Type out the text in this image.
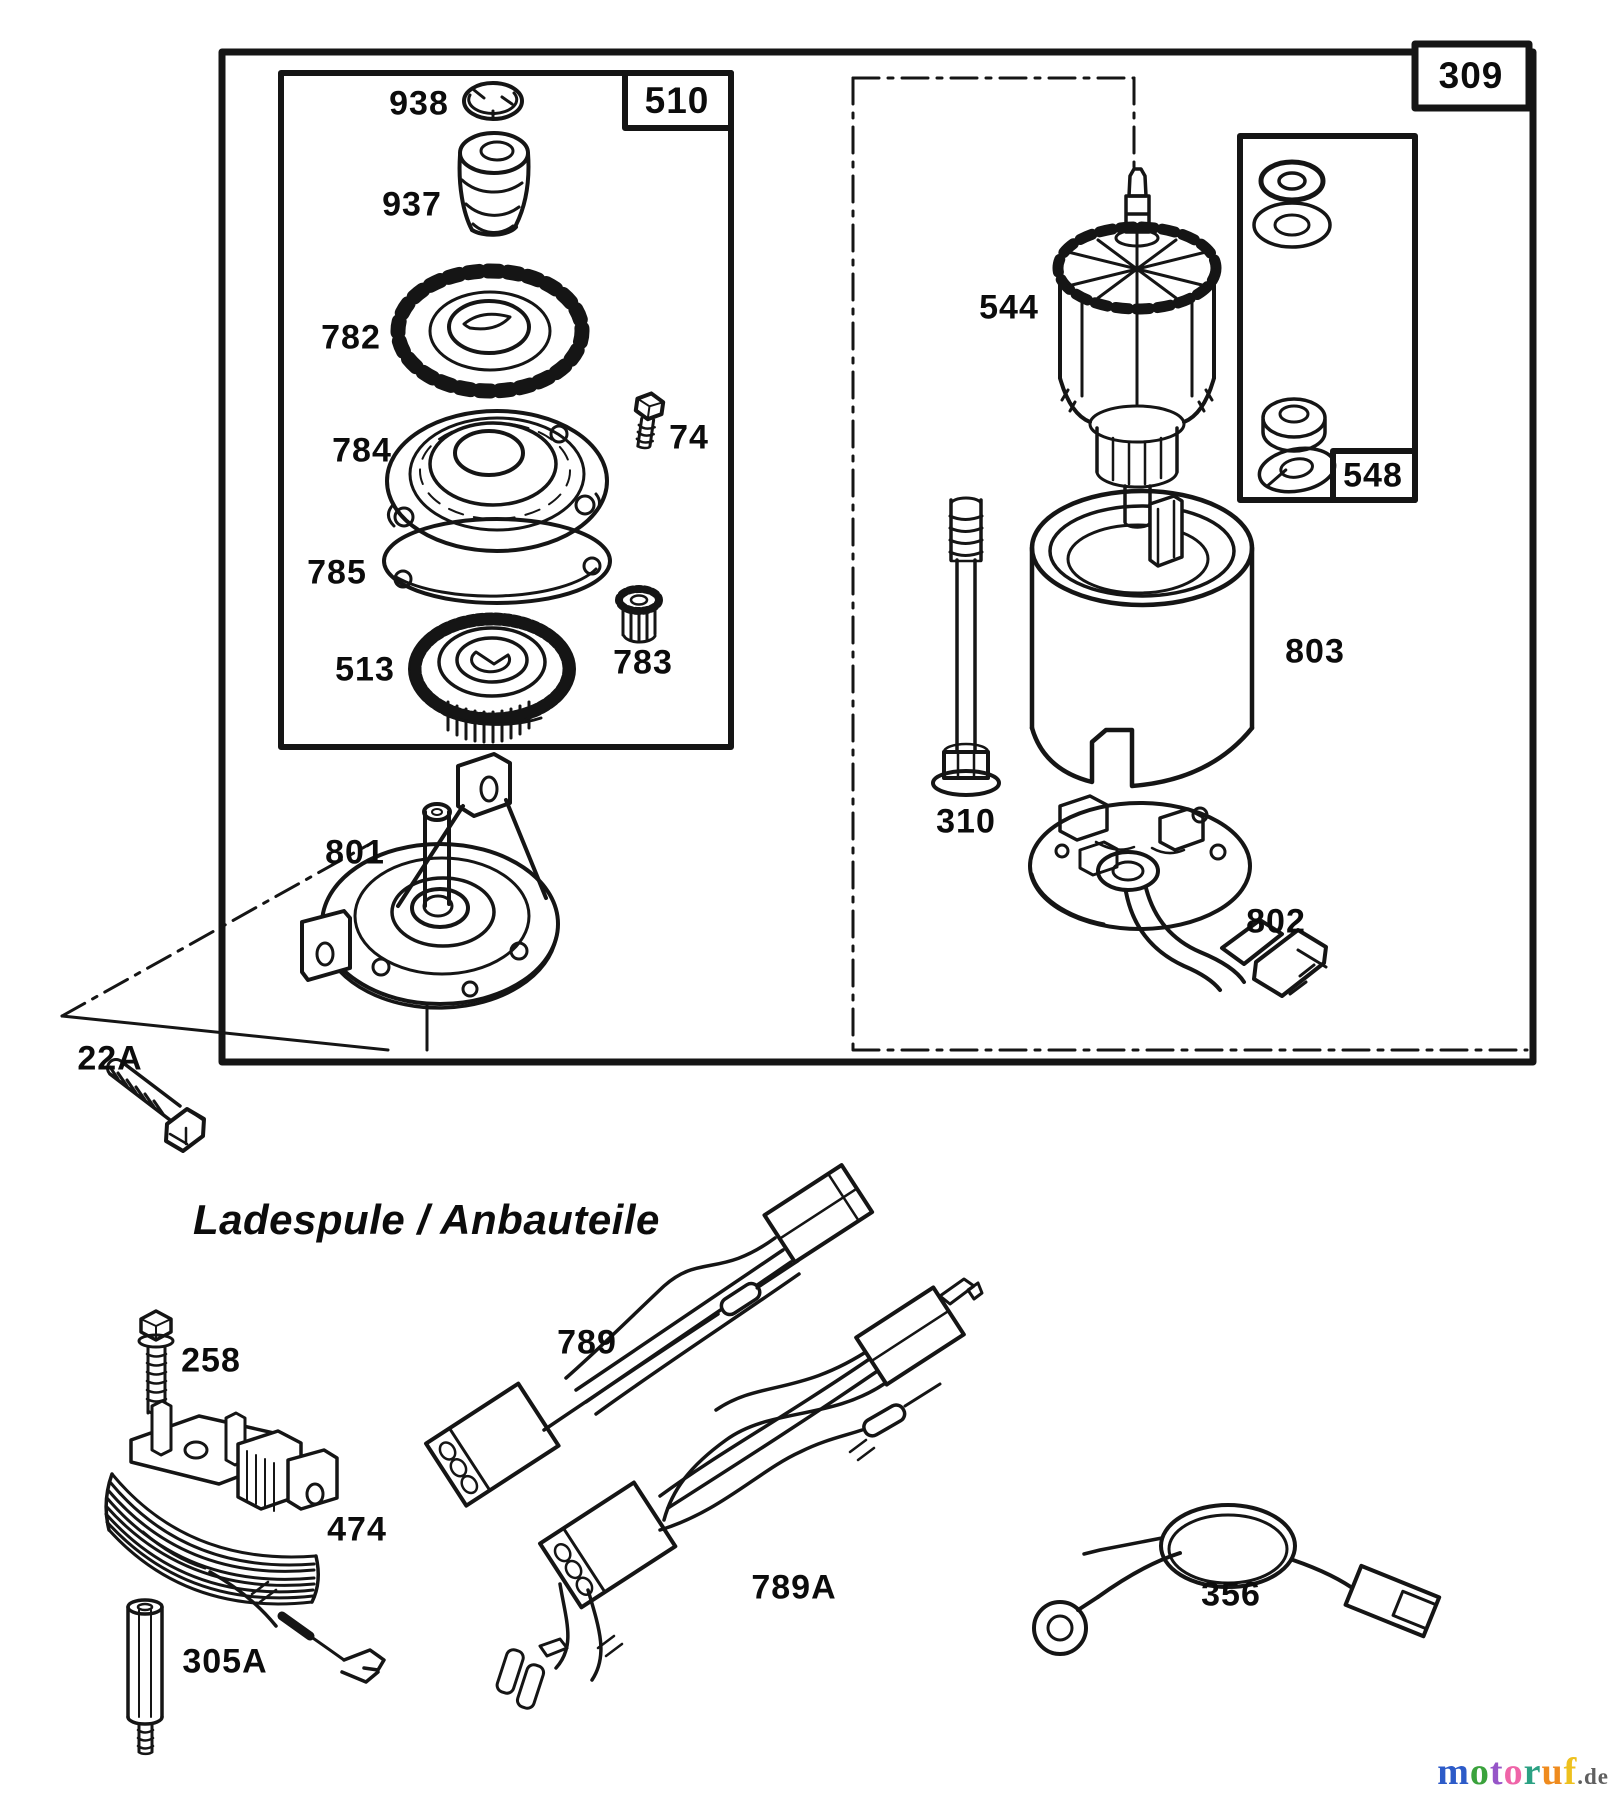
309
510
548
938
937
782
74
784
785
513	783
801
22A
544
310
803
802
Ladespule / Anbauteile
258
474
305A
789
789A	356
motoruf.de
